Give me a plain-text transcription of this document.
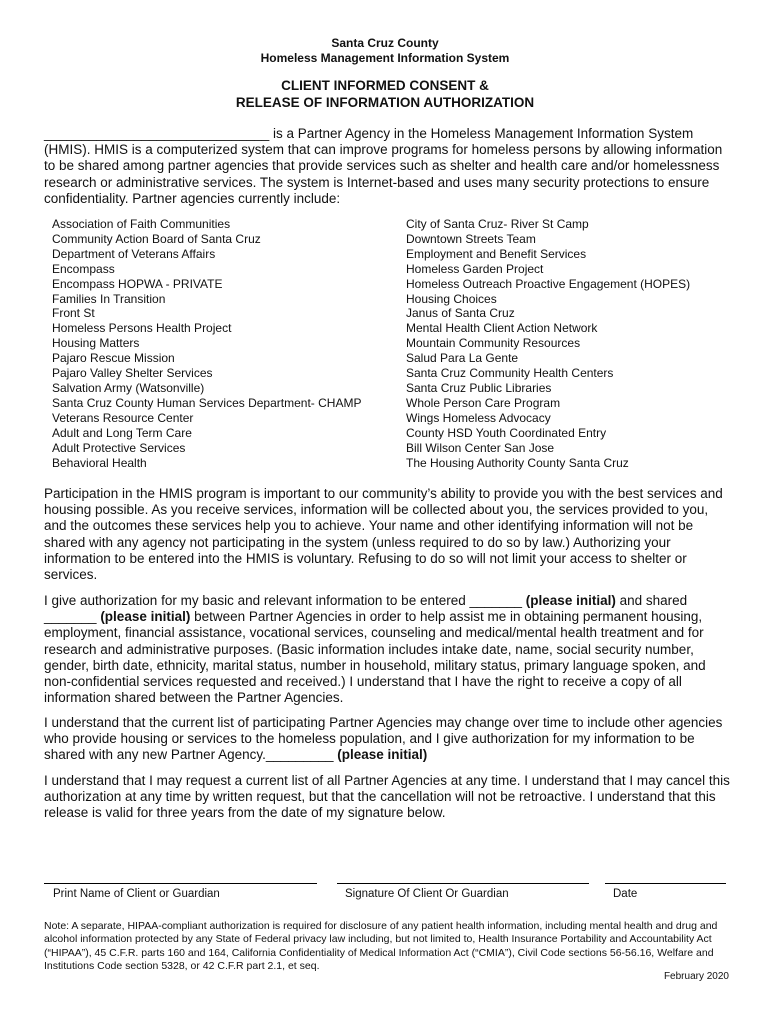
Santa Cruz County
Homeless Management Information System
CLIENT INFORMED CONSENT &
RELEASE OF INFORMATION AUTHORIZATION

______________________________ is a Partner Agency in the Homeless Management Information System (HMIS). HMIS is a computerized system that can improve programs for homeless persons by allowing information to be shared among partner agencies that provide services such as shelter and health care and/or homelessness research or administrative services. The system is Internet-based and uses many security protections to ensure confidentiality. Partner agencies currently include:

Association of Faith Communities
Community Action Board of Santa Cruz
Department of Veterans Affairs
Encompass
Encompass HOPWA - PRIVATE
Families In Transition
Front St
Homeless Persons Health Project
Housing Matters
Pajaro Rescue Mission
Pajaro Valley Shelter Services
Salvation Army (Watsonville)
Santa Cruz County Human Services Department- CHAMP
Veterans Resource Center
Adult and Long Term Care
Adult Protective Services
Behavioral Health
City of Santa Cruz- River St Camp
Downtown Streets Team
Employment and Benefit Services
Homeless Garden Project
Homeless Outreach Proactive Engagement (HOPES)
Housing Choices
Janus of Santa Cruz
Mental Health Client Action Network
Mountain Community Resources
Salud Para La Gente
Santa Cruz Community Health Centers
Santa Cruz Public Libraries
Whole Person Care Program
Wings Homeless Advocacy
County HSD Youth Coordinated Entry
Bill Wilson Center San Jose
The Housing Authority County Santa Cruz

Participation in the HMIS program is important to our community’s ability to provide you with the best services and housing possible. As you receive services, information will be collected about you, the services provided to you, and the outcomes these services help you to achieve. Your name and other identifying information will not be shared with any agency not participating in the system (unless required to do so by law.) Authorizing your information to be entered into the HMIS is voluntary. Refusing to do so will not limit your access to shelter or services.

I give authorization for my basic and relevant information to be entered _______ (please initial) and shared _______ (please initial) between Partner Agencies in order to help assist me in obtaining permanent housing, employment, financial assistance, vocational services, counseling and medical/mental health treatment and for research and administrative purposes. (Basic information includes intake date, name, social security number, gender, birth date, ethnicity, marital status, number in household, military status, primary language spoken, and non-confidential services requested and received.) I understand that I have the right to receive a copy of all information shared between the Partner Agencies.

I understand that the current list of participating Partner Agencies may change over time to include other agencies who provide housing or services to the homeless population, and I give authorization for my information to be shared with any new Partner Agency._________ (please initial)

I understand that I may request a current list of all Partner Agencies at any time. I understand that I may cancel this authorization at any time by written request, but that the cancellation will not be retroactive. I understand that this release is valid for three years from the date of my signature below.

Print Name of Client or Guardian	Signature Of Client Or Guardian	Date

Note: A separate, HIPAA-compliant authorization is required for disclosure of any patient health information, including mental health and drug and alcohol information protected by any State of Federal privacy law including, but not limited to, Health Insurance Portability and Accountability Act (“HIPAA”), 45 C.F.R. parts 160 and 164, California Confidentiality of Medical Information Act (“CMIA”), Civil Code sections 56-56.16, Welfare and Institutions Code section 5328, or 42 C.F.R part 2.1, et seq.

February 2020
